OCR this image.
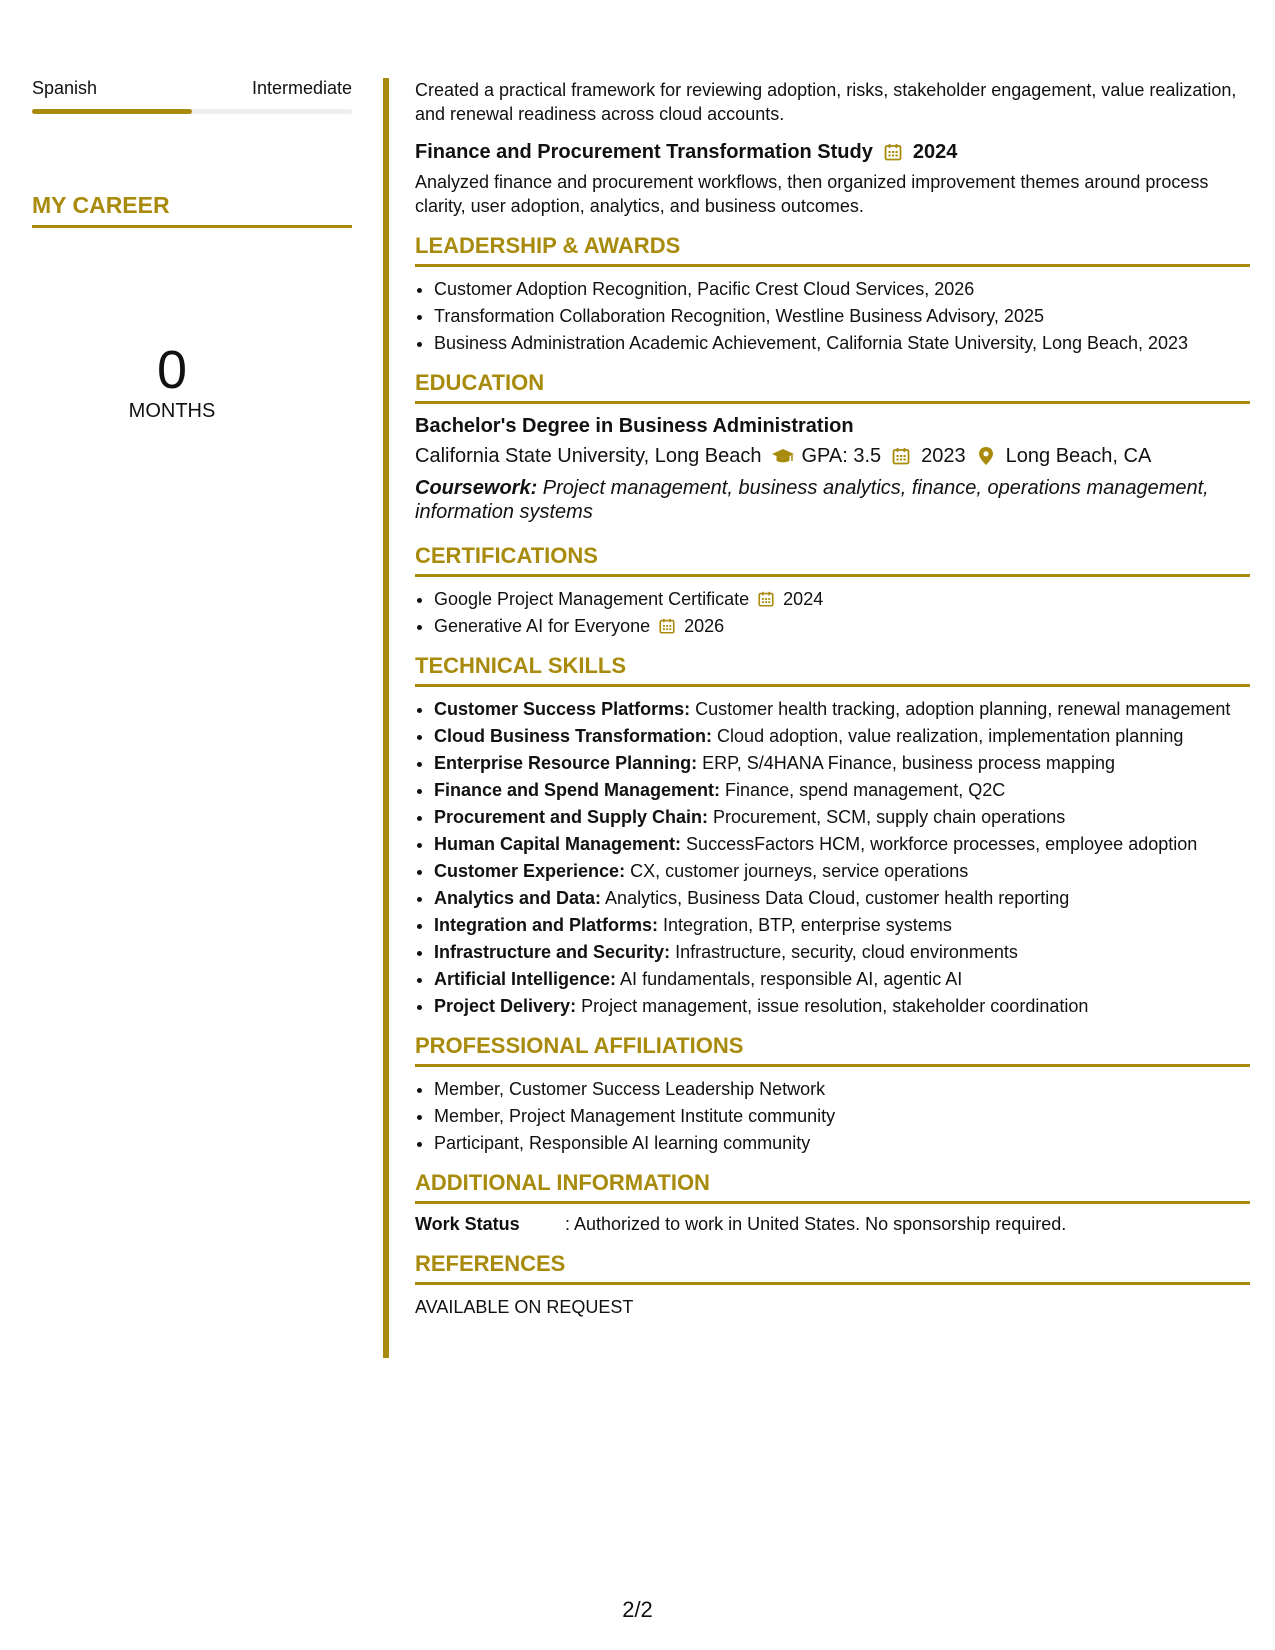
Spanish	Intermediate
MY CAREER
0
MONTHS

Created a practical framework for reviewing adoption, risks, stakeholder engagement, value realization, and renewal readiness across cloud accounts.

Finance and Procurement Transformation Study 2024

Analyzed finance and procurement workflows, then organized improvement themes around process clarity, user adoption, analytics, and business outcomes.

LEADERSHIP & AWARDS
• Customer Adoption Recognition, Pacific Crest Cloud Services, 2026
• Transformation Collaboration Recognition, Westline Business Advisory, 2025
• Business Administration Academic Achievement, California State University, Long Beach, 2023
EDUCATION
Bachelor's Degree in Business Administration
California State University, Long Beach GPA: 3.5 2023 Long Beach, CA
Coursework: Project management, business analytics, finance, operations management, information systems
CERTIFICATIONS
• Google Project Management Certificate 2024
• Generative AI for Everyone 2026
TECHNICAL SKILLS
• Customer Success Platforms: Customer health tracking, adoption planning, renewal management
• Cloud Business Transformation: Cloud adoption, value realization, implementation planning
• Enterprise Resource Planning: ERP, S/4HANA Finance, business process mapping
• Finance and Spend Management: Finance, spend management, Q2C
• Procurement and Supply Chain: Procurement, SCM, supply chain operations
• Human Capital Management: SuccessFactors HCM, workforce processes, employee adoption
• Customer Experience: CX, customer journeys, service operations
• Analytics and Data: Analytics, Business Data Cloud, customer health reporting
• Integration and Platforms: Integration, BTP, enterprise systems
• Infrastructure and Security: Infrastructure, security, cloud environments
• Artificial Intelligence: AI fundamentals, responsible AI, agentic AI
• Project Delivery: Project management, issue resolution, stakeholder coordination
PROFESSIONAL AFFILIATIONS
• Member, Customer Success Leadership Network
• Member, Project Management Institute community
• Participant, Responsible AI learning community
ADDITIONAL INFORMATION
Work Status	: Authorized to work in United States. No sponsorship required.
REFERENCES
AVAILABLE ON REQUEST
2/2
